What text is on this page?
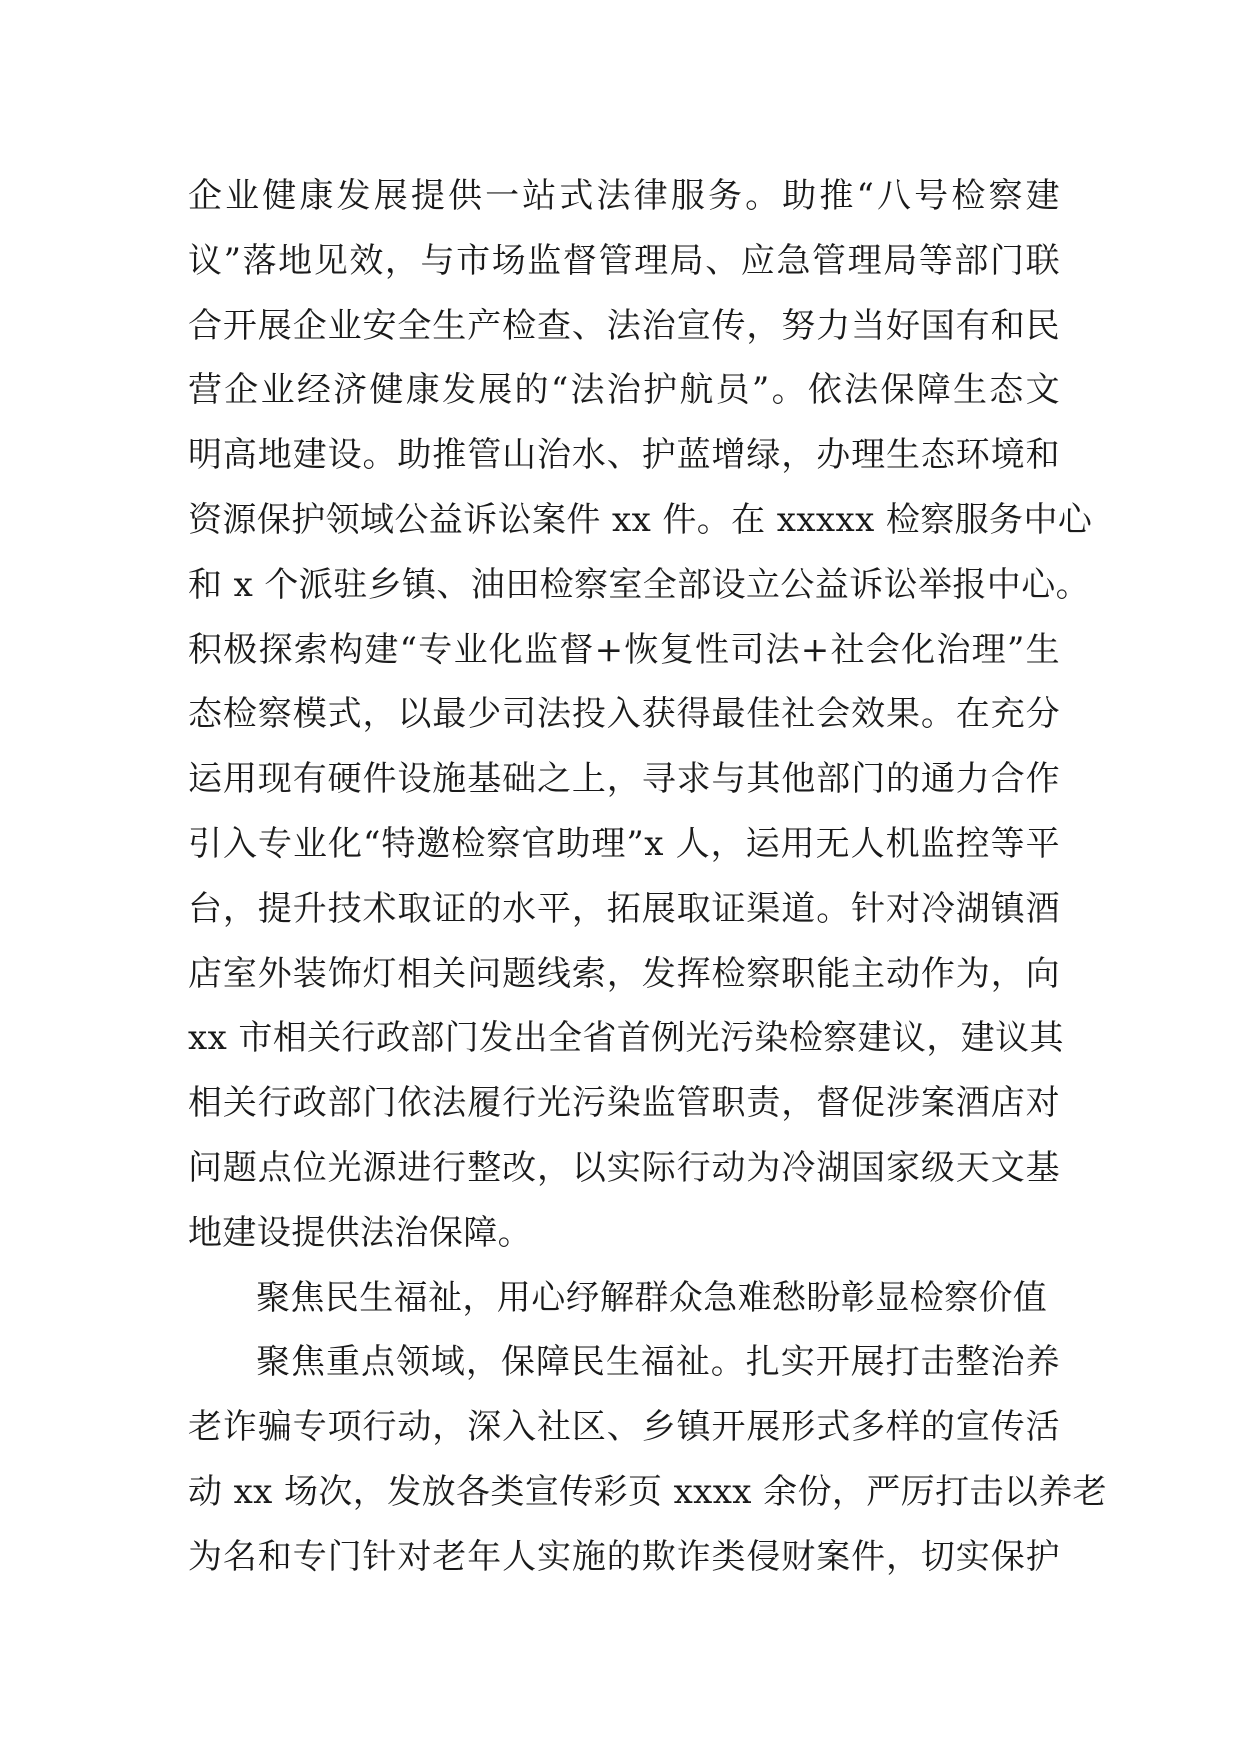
企业健康发展提供一站式法律服务。助推“八号检察建
议”落地见效，与市场监督管理局、应急管理局等部门联
合开展企业安全生产检查、法治宣传，努力当好国有和民
营企业经济健康发展的“法治护航员”。依法保障生态文
明高地建设。助推管山治水、护蓝增绿，办理生态环境和
资源保护领域公益诉讼案件 xx 件。在 xxxxx 检察服务中心
和 x 个派驻乡镇、油田检察室全部设立公益诉讼举报中心。
积极探索构建“专业化监督+恢复性司法+社会化治理”生
态检察模式，以最少司法投入获得最佳社会效果。在充分
运用现有硬件设施基础之上，寻求与其他部门的通力合作
引入专业化“特邀检察官助理”x 人，运用无人机监控等平
台，提升技术取证的水平，拓展取证渠道。针对冷湖镇酒
店室外装饰灯相关问题线索，发挥检察职能主动作为，向
xx 市相关行政部门发出全省首例光污染检察建议，建议其
相关行政部门依法履行光污染监管职责，督促涉案酒店对
问题点位光源进行整改，以实际行动为冷湖国家级天文基
地建设提供法治保障。
聚焦民生福祉，用心纾解群众急难愁盼彰显检察价值
聚焦重点领域，保障民生福祉。扎实开展打击整治养
老诈骗专项行动，深入社区、乡镇开展形式多样的宣传活
动 xx 场次，发放各类宣传彩页 xxxx 余份，严厉打击以养老
为名和专门针对老年人实施的欺诈类侵财案件，切实保护
